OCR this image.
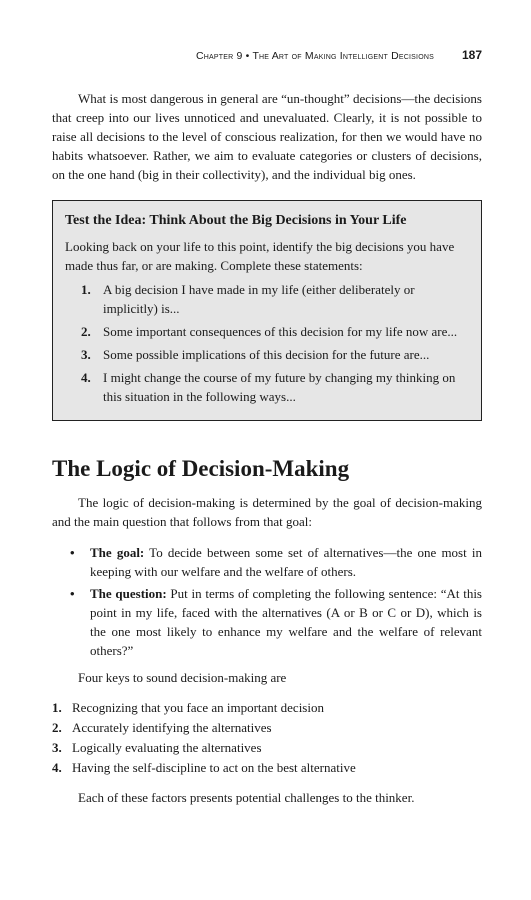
Chapter 9 • The Art of Making Intelligent Decisions 187

What is most dangerous in general are “un-thought” decisions—the decisions that creep into our lives unnoticed and unevaluated. Clearly, it is not possible to raise all decisions to the level of conscious realization, for then we would have no habits whatsoever. Rather, we aim to evaluate categories or clusters of decisions, on the one hand (big in their collectivity), and the individual big ones.

Test the Idea: Think About the Big Decisions in Your Life

Looking back on your life to this point, identify the big decisions you have made thus far, or are making. Complete these statements:

1. A big decision I have made in my life (either deliberately or implicitly) is...
2. Some important consequences of this decision for my life now are...
3. Some possible implications of this decision for the future are...
4. I might change the course of my future by changing my thinking on this situation in the following ways...
The Logic of Decision-Making

The logic of decision-making is determined by the goal of decision-making and the main question that follows from that goal:

•	The goal: To decide between some set of alternatives—the one most in keeping with our welfare and the welfare of others.
•	The question: Put in terms of completing the following sentence: “At this point in my life, faced with the alternatives (A or B or C or D), which is the one most likely to enhance my welfare and the welfare of relevant others?”

Four keys to sound decision-making are

1. Recognizing that you face an important decision
2. Accurately identifying the alternatives
3. Logically evaluating the alternatives
4. Having the self-discipline to act on the best alternative

Each of these factors presents potential challenges to the thinker.
